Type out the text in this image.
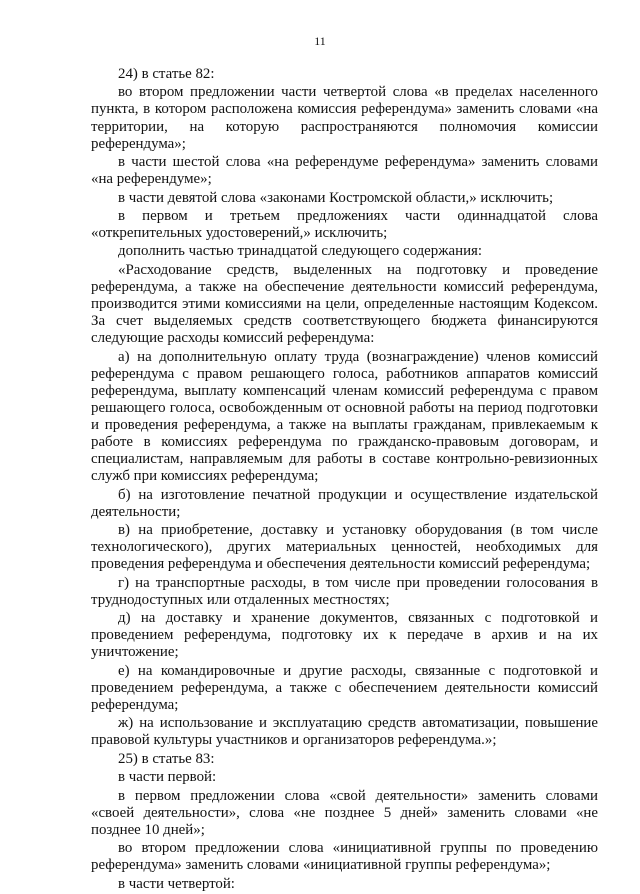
11

24) в статье 82:

во втором предложении части четвертой слова «в пределах населенного пункта, в котором расположена комиссия референдума» заменить словами «на территории, на которую распространяются полномочия комиссии референдума»;

в части шестой слова «на референдуме референдума» заменить словами «на референдуме»;

в части девятой слова «законами Костромской области,» исключить;

в первом и третьем предложениях части одиннадцатой слова «открепительных удостоверений,» исключить;

дополнить частью тринадцатой следующего содержания:

«Расходование средств, выделенных на подготовку и проведение референдума, а также на обеспечение деятельности комиссий референдума, производится этими комиссиями на цели, определенные настоящим Кодексом. За счет выделяемых средств соответствующего бюджета финансируются следующие расходы комиссий референдума:

а) на дополнительную оплату труда (вознаграждение) членов комиссий референдума с правом решающего голоса, работников аппаратов комиссий референдума, выплату компенсаций членам комиссий референдума с правом решающего голоса, освобожденным от основной работы на период подготовки и проведения референдума, а также на выплаты гражданам, привлекаемым к работе в комиссиях референдума по гражданско-правовым договорам, и специалистам, направляемым для работы в составе контрольно-ревизионных служб при комиссиях референдума;

б) на изготовление печатной продукции и осуществление издательской деятельности;

в) на приобретение, доставку и установку оборудования (в том числе технологического), других материальных ценностей, необходимых для проведения референдума и обеспечения деятельности комиссий референдума;

г) на транспортные расходы, в том числе при проведении голосования в труднодоступных или отдаленных местностях;

д) на доставку и хранение документов, связанных с подготовкой и проведением референдума, подготовку их к передаче в архив и на их уничтожение;

е) на командировочные и другие расходы, связанные с подготовкой и проведением референдума, а также с обеспечением деятельности комиссий референдума;

ж) на использование и эксплуатацию средств автоматизации, повышение правовой культуры участников и организаторов референдума.»;

25) в статье 83:

в части первой:

в первом предложении слова «свой деятельности» заменить словами «своей деятельности», слова «не позднее 5 дней» заменить словами «не позднее 10 дней»;

во втором предложении слова «инициативной группы по проведению референдума» заменить словами «инициативной группы референдума»;

в части четвертой:
